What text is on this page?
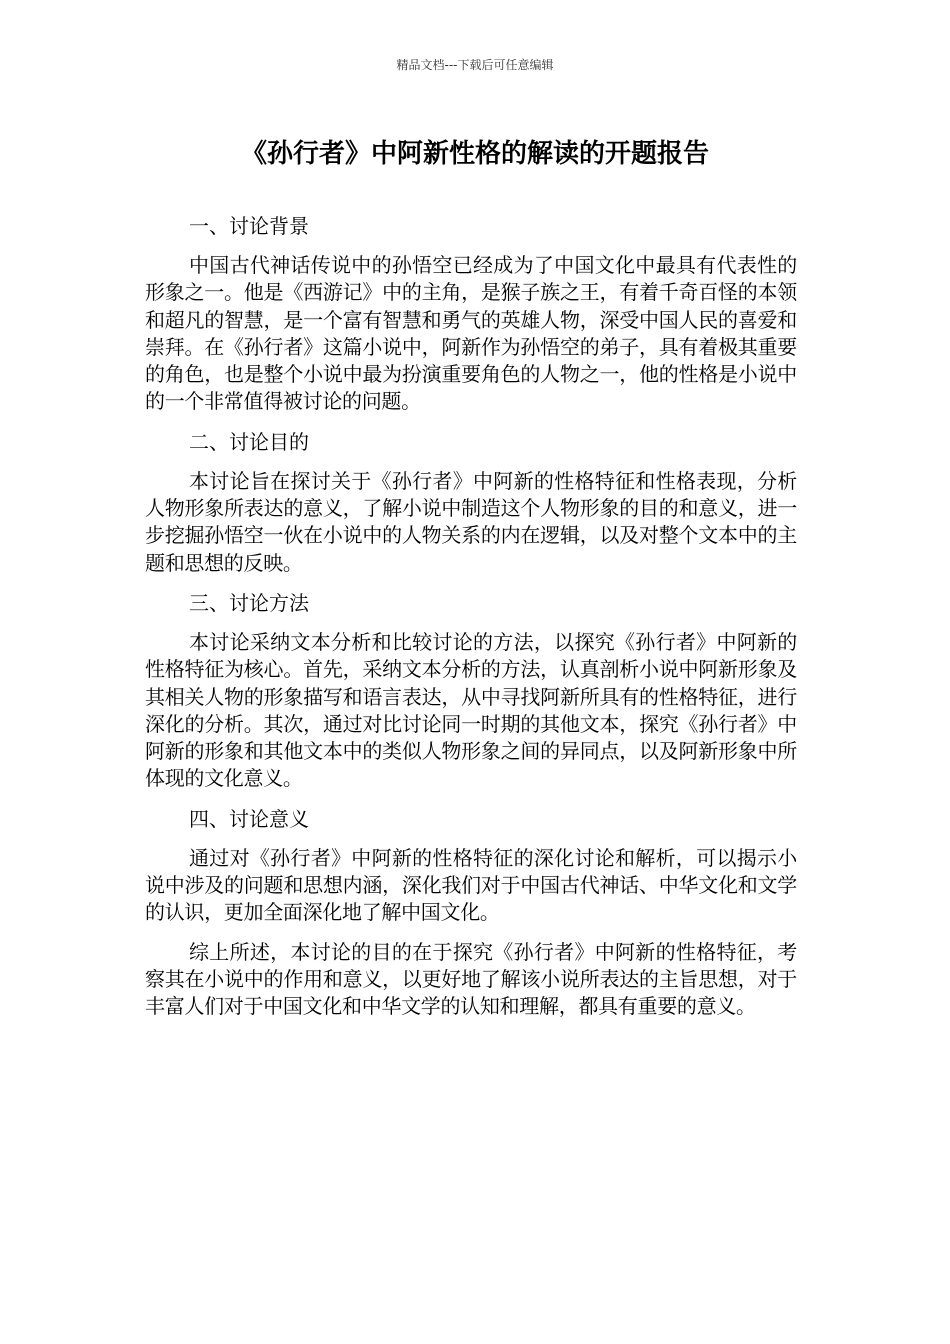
精品文档---下载后可任意编辑
《孙行者》中阿新性格的解读的开题报告
一、讨论背景

中国古代神话传说中的孙悟空已经成为了中国文化中最具有代表性的形象之一。他是《西游记》中的主角，是猴子族之王，有着千奇百怪的本领和超凡的智慧，是一个富有智慧和勇气的英雄人物，深受中国人民的喜爱和崇拜。在《孙行者》这篇小说中，阿新作为孙悟空的弟子，具有着极其重要的角色，也是整个小说中最为扮演重要角色的人物之一，他的性格是小说中的一个非常值得被讨论的问题。

二、讨论目的

本讨论旨在探讨关于《孙行者》中阿新的性格特征和性格表现，分析人物形象所表达的意义，了解小说中制造这个人物形象的目的和意义，进一步挖掘孙悟空一伙在小说中的人物关系的内在逻辑，以及对整个文本中的主题和思想的反映。

三、讨论方法

本讨论采纳文本分析和比较讨论的方法，以探究《孙行者》中阿新的性格特征为核心。首先，采纳文本分析的方法，认真剖析小说中阿新形象及其相关人物的形象描写和语言表达，从中寻找阿新所具有的性格特征，进行深化的分析。其次，通过对比讨论同一时期的其他文本，探究《孙行者》中阿新的形象和其他文本中的类似人物形象之间的异同点，以及阿新形象中所体现的文化意义。

四、讨论意义

通过对《孙行者》中阿新的性格特征的深化讨论和解析，可以揭示小说中涉及的问题和思想内涵，深化我们对于中国古代神话、中华文化和文学的认识，更加全面深化地了解中国文化。

综上所述，本讨论的目的在于探究《孙行者》中阿新的性格特征，考察其在小说中的作用和意义，以更好地了解该小说所表达的主旨思想，对于丰富人们对于中国文化和中华文学的认知和理解，都具有重要的意义。
